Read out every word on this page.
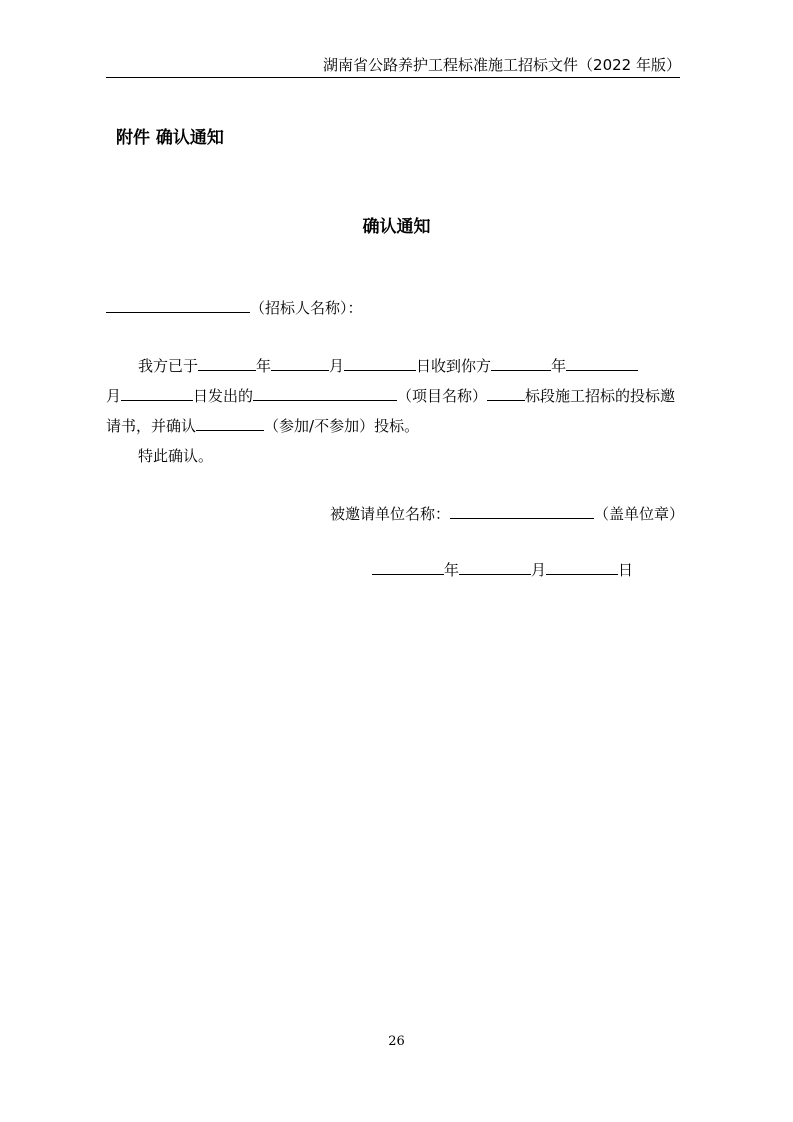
湖南省公路养护工程标准施工招标文件（2022 年版）
附件 确认通知
确认通知
（招标人名称）：
我方已于	年	月	日收到你方	年
月	日发出的	（项目名称）	标段施工招标的投标邀
请书，并确认	（参加/不参加）投标。
特此确认。
被邀请单位名称：	（盖单位章）
年	月	日
26
